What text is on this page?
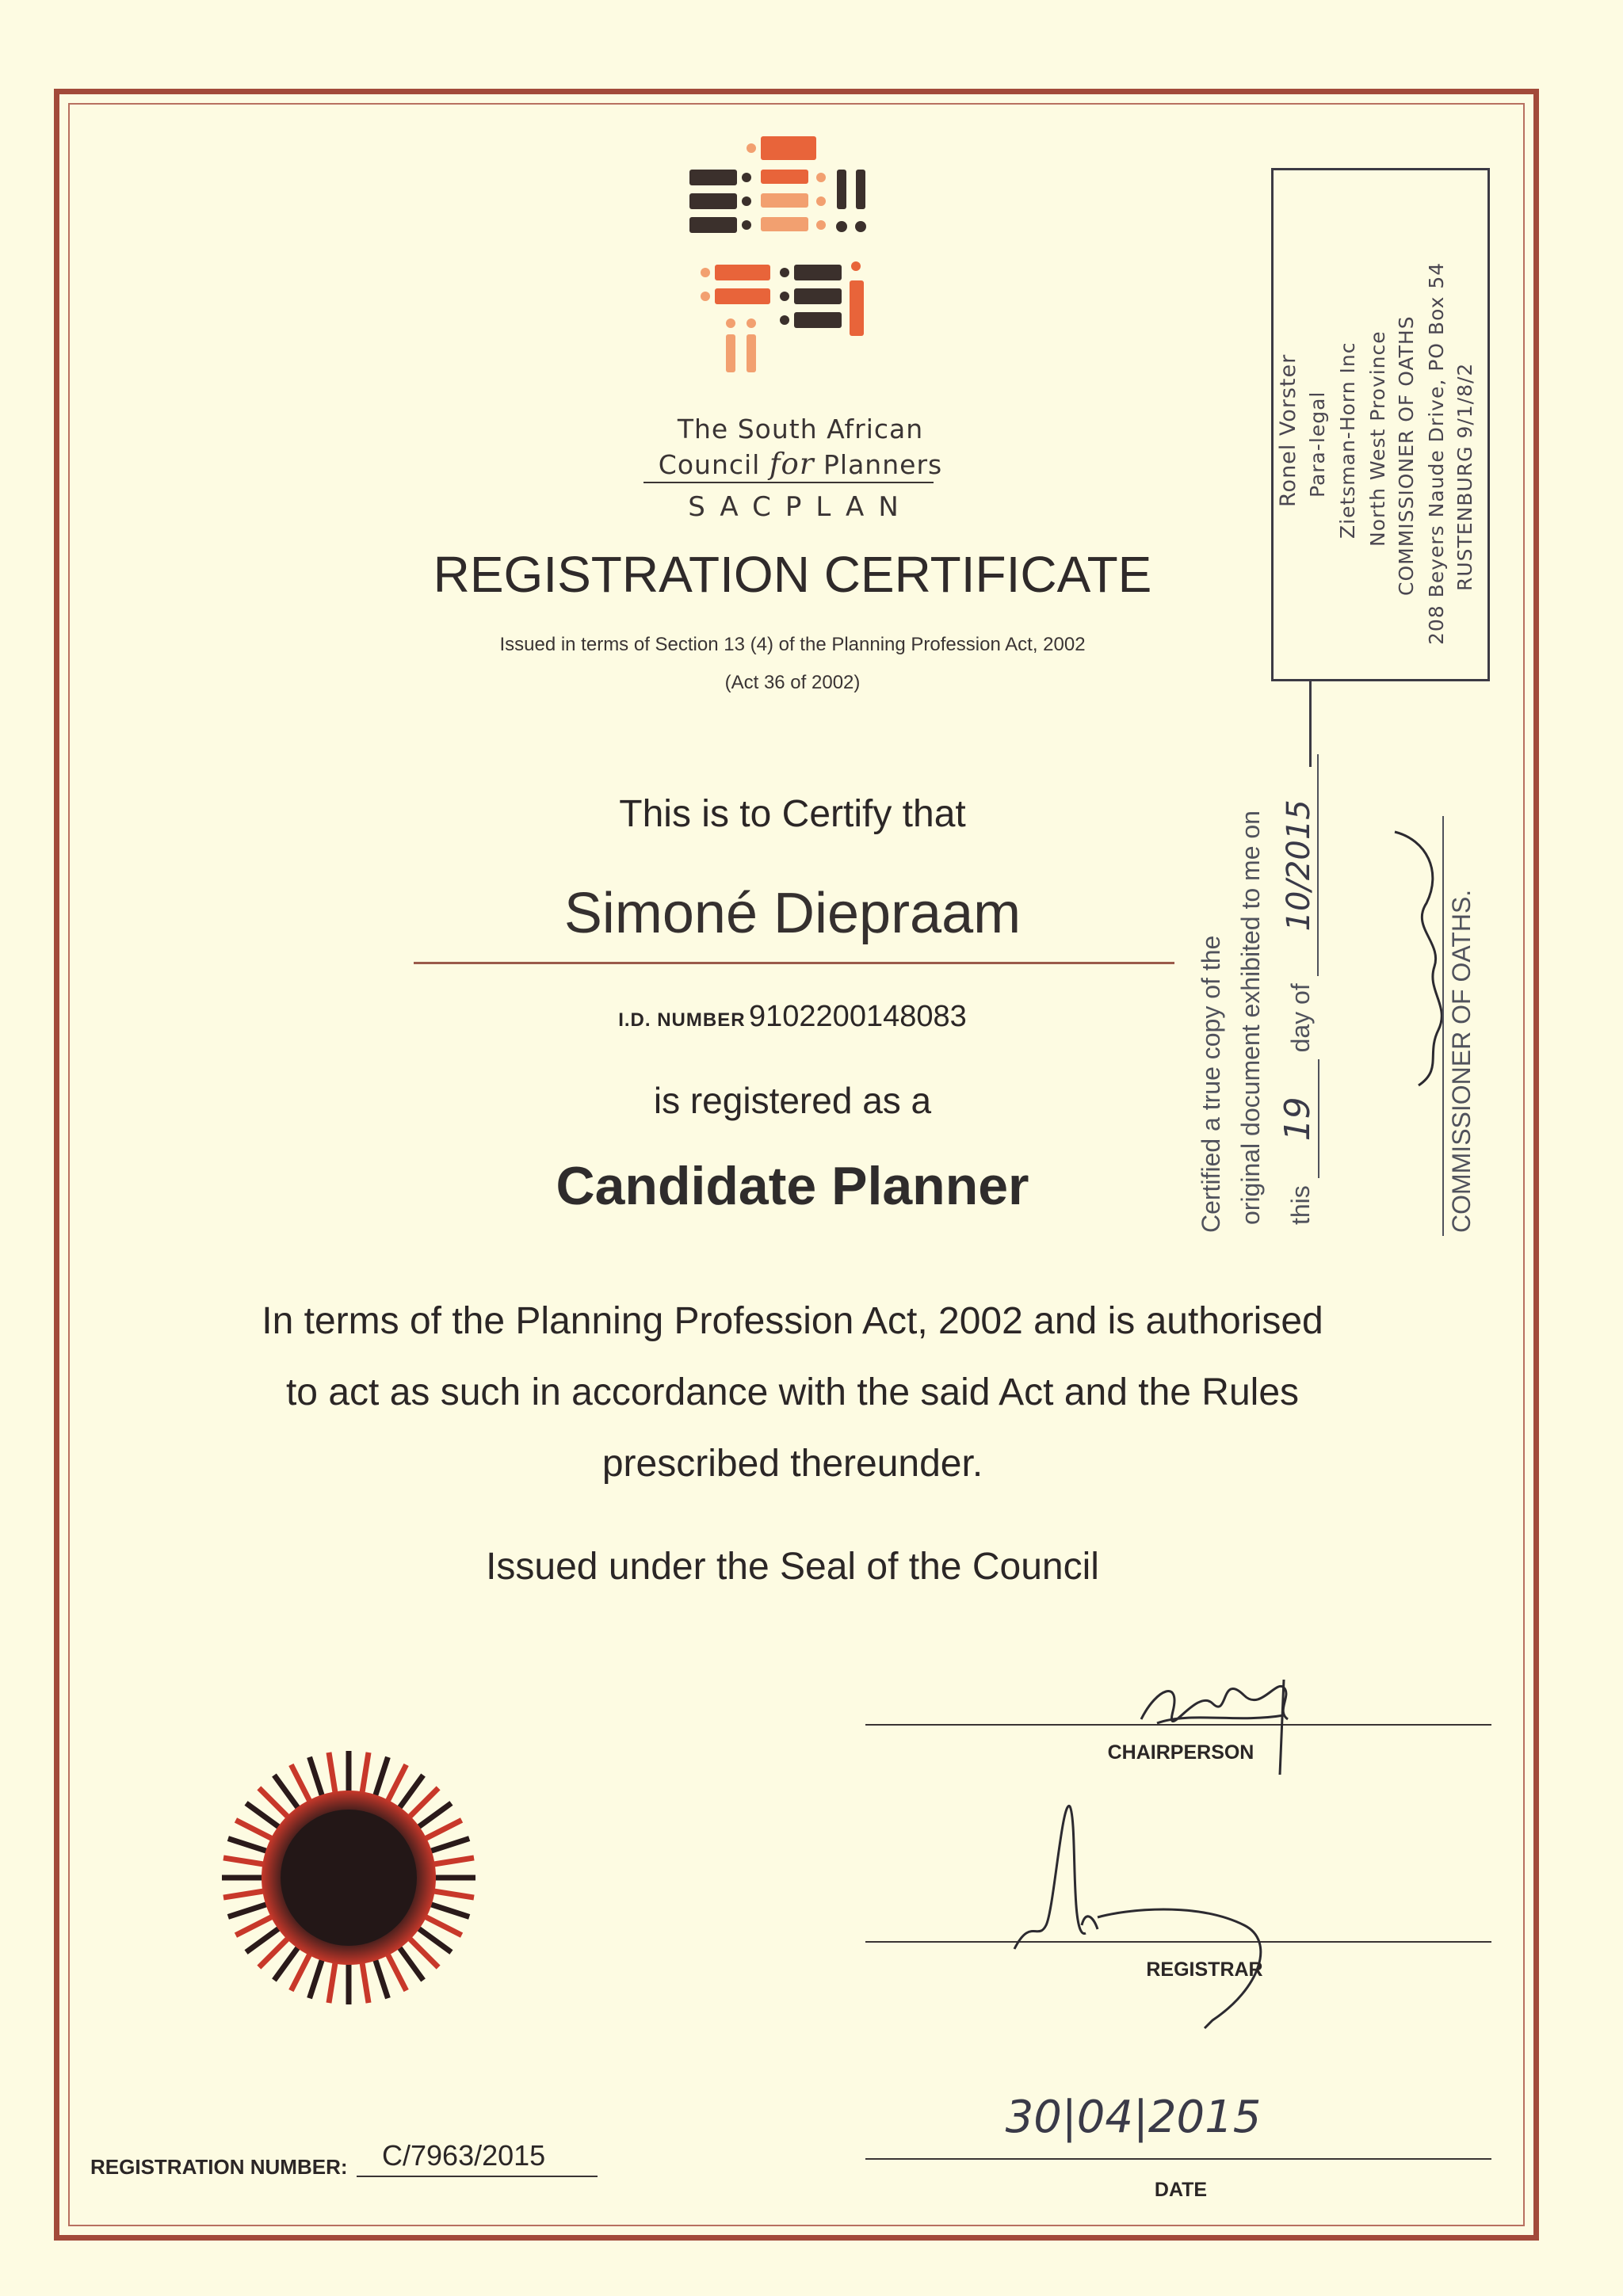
The South African
Council for Planners
SACPLAN
REGISTRATION CERTIFICATE
Issued in terms of Section 13 (4) of the Planning Profession Act, 2002
(Act 36 of 2002)
This is to Certify that
Simoné Diepraam
I.D. NUMBER 9102200148083
is registered as a
Candidate Planner
In terms of the Planning Profession Act, 2002 and is authorised
to act as such in accordance with the said Act and the Rules
prescribed thereunder.
Issued under the Seal of the Council
CHAIRPERSON
REGISTRAR
30|04|2015
DATE
REGISTRATION NUMBER: C/7963/2015
Ronel Vorster Para-legal Zietsman-Horn Inc North West Province COMMISSIONER OF OATHS 208 Beyers Naude Drive, PO Box 54 RUSTENBURG 9/1/8/2
Certified a true copy of the original document exhibited to me on this 19 day of 10/2015
COMMISSIONER OF OATHS.
